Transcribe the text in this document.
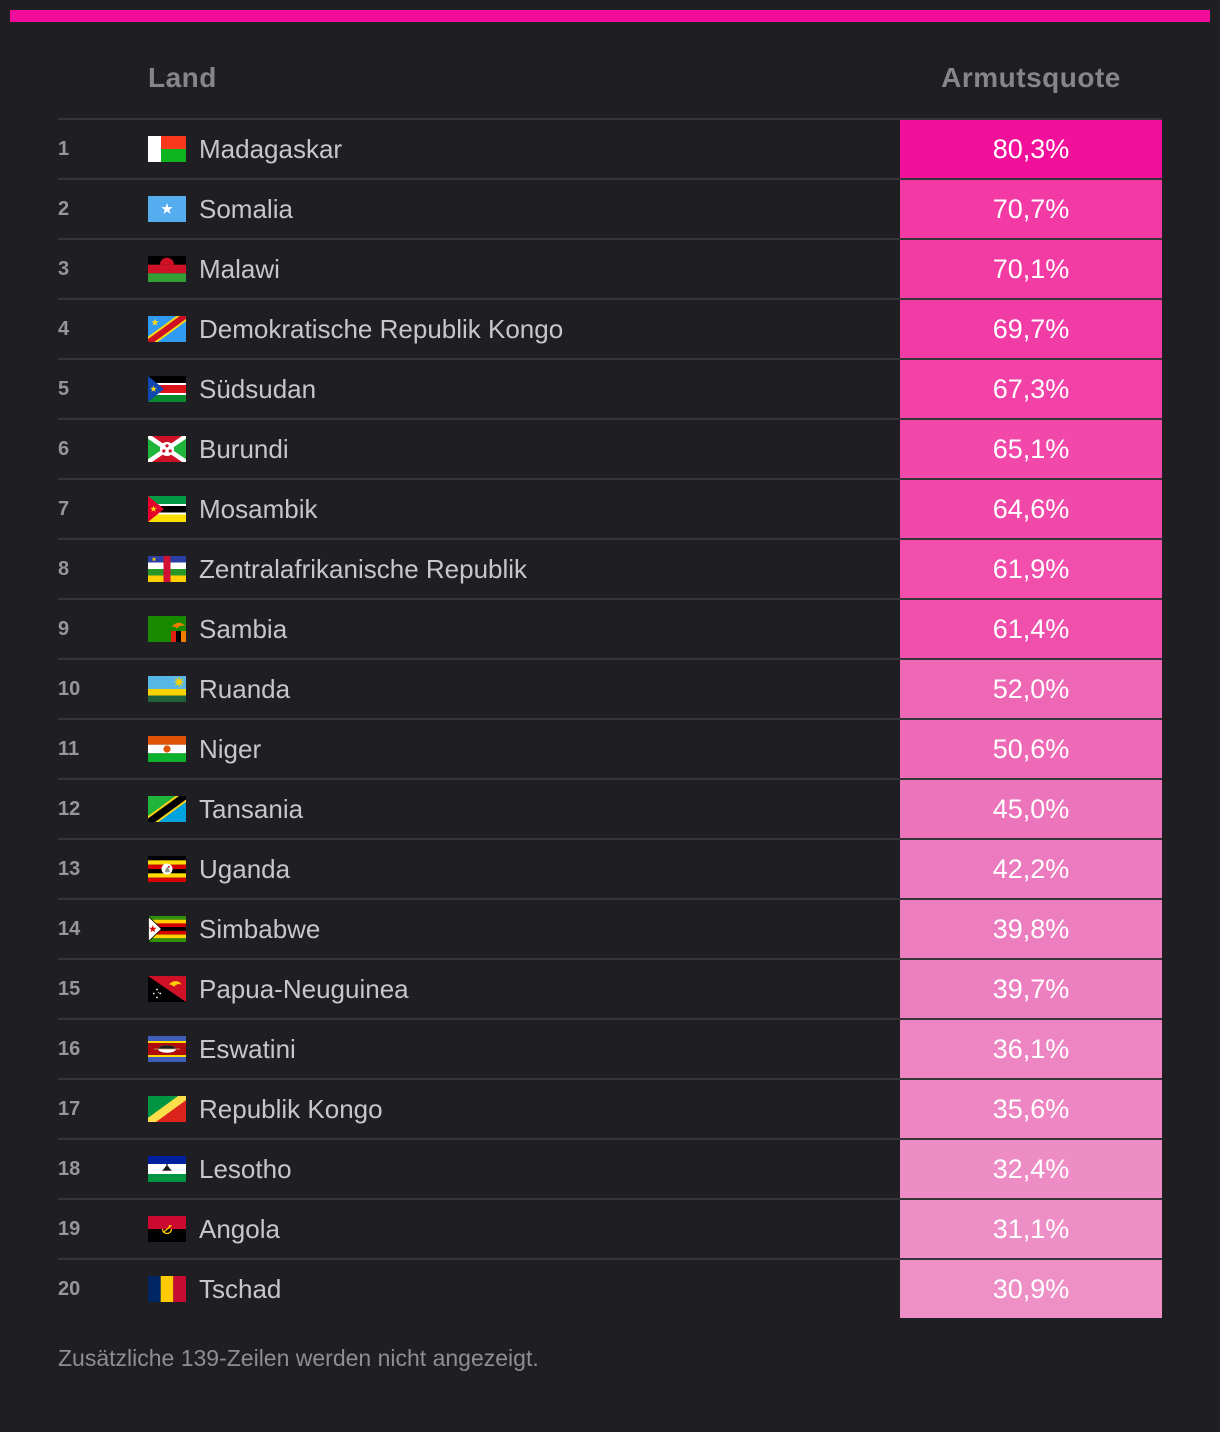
Land	Armutsquote
1	Madagaskar	80,3%
2	Somalia	70,7%
3	Malawi	70,1%
4	Demokratische Republik Kongo	69,7%
5	Südsudan	67,3%
6	Burundi	65,1%
7	Mosambik	64,6%
8	Zentralafrikanische Republik	61,9%
9	Sambia	61,4%
10	Ruanda	52,0%
11	Niger	50,6%
12	Tansania	45,0%
13	Uganda	42,2%
14	Simbabwe	39,8%
15	Papua-Neuguinea	39,7%
16	Eswatini	36,1%
17	Republik Kongo	35,6%
18	Lesotho	32,4%
19	Angola	31,1%
20	Tschad	30,9%
Zusätzliche 139-Zeilen werden nicht angezeigt.
